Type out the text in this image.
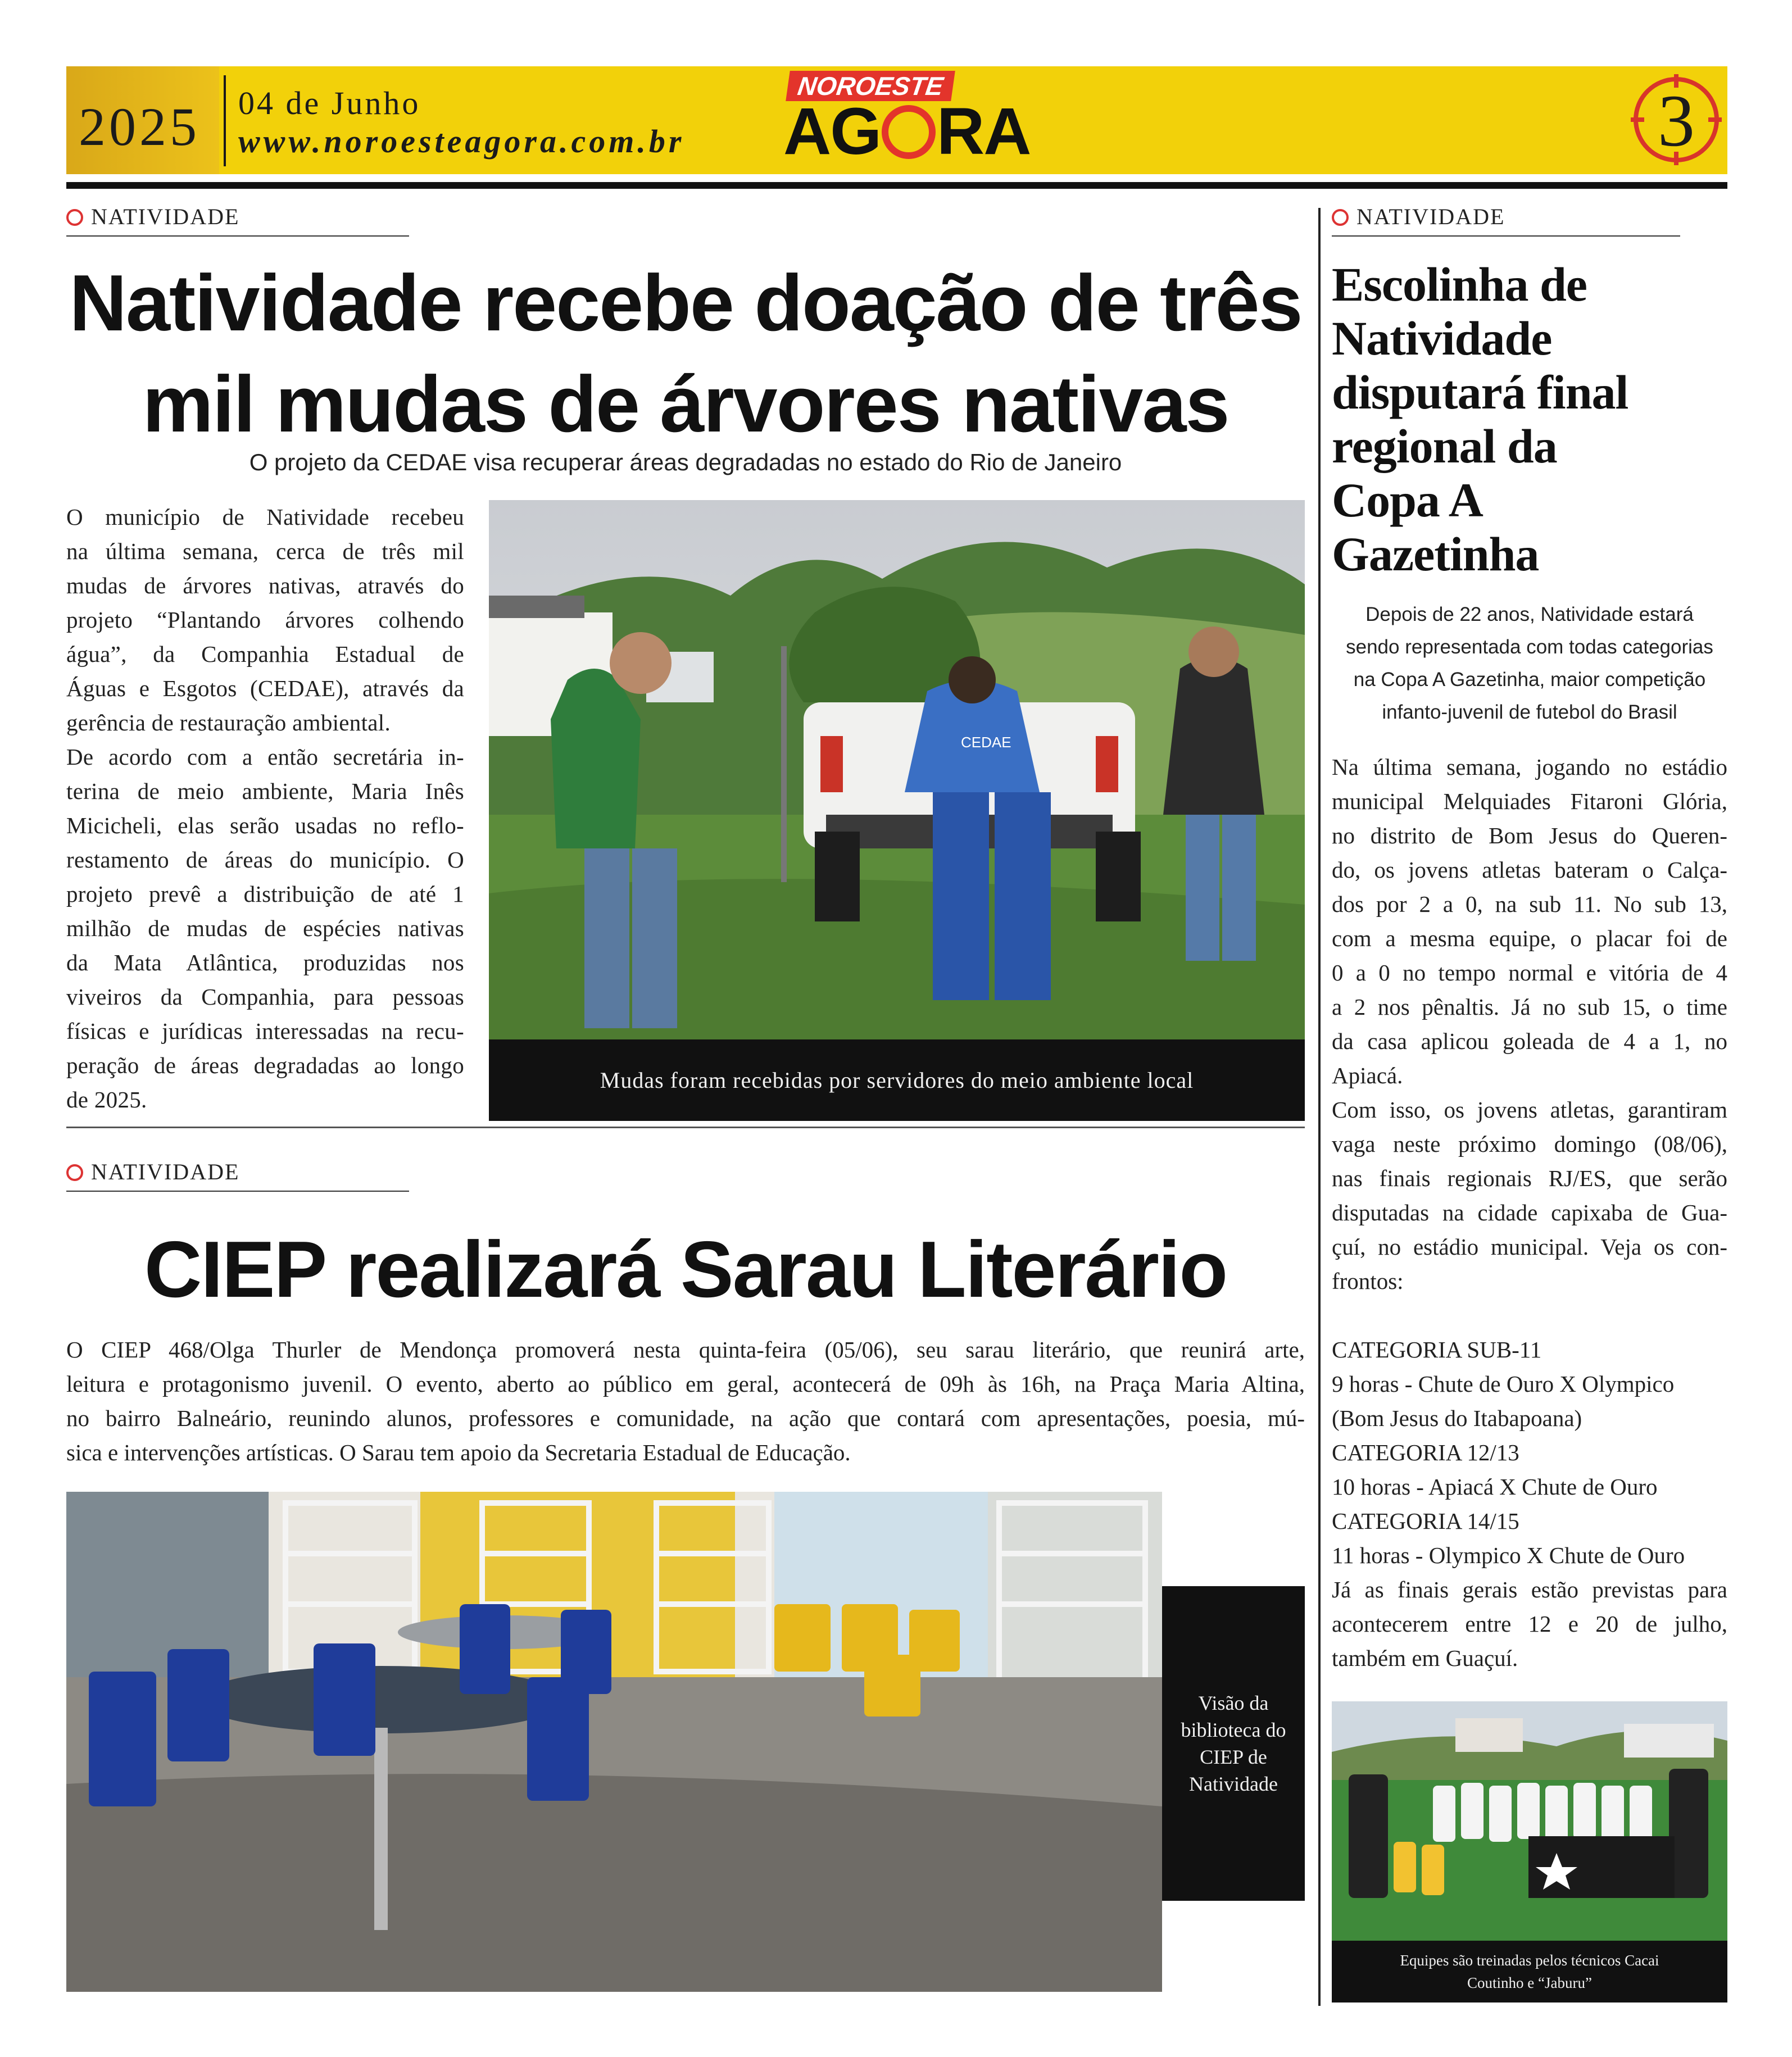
2025 04 de Junho
www.noroesteagora.com.br
NOROESTE
AG RA	3
NATIVIDADE
Natividade recebe doação de três
mil mudas de árvores nativas
O projeto da CEDAE visa recuperar áreas degradadas no estado do Rio de Janeiro
O município de Natividade recebeu
na última semana, cerca de três mil
mudas de árvores nativas, através do
projeto “Plantando árvores colhendo
água”, da Companhia Estadual de
Águas e Esgotos (CEDAE), através da
gerência de restauração ambiental.
De acordo com a então secretária in-
terina de meio ambiente, Maria Inês
Micicheli, elas serão usadas no reflo-
restamento de áreas do município. O
projeto prevê a distribuição de até 1
milhão de mudas de espécies nativas
da Mata Atlântica, produzidas nos
viveiros da Companhia, para pessoas
físicas e jurídicas interessadas na recu-
peração de áreas degradadas ao longo
de 2025.
CEDAE
Mudas foram recebidas por servidores do meio ambiente local
NATIVIDADE
CIEP realizará Sarau Literário
O CIEP 468/Olga Thurler de Mendonça promoverá nesta quinta-feira (05/06), seu sarau literário, que reunirá arte,
leitura e protagonismo juvenil. O evento, aberto ao público em geral, acontecerá de 09h às 16h, na Praça Maria Altina,
no bairro Balneário, reunindo alunos, professores e comunidade, na ação que contará com apresentações, poesia, mú-
sica e intervenções artísticas. O Sarau tem apoio da Secretaria Estadual de Educação.
Visão da
biblioteca do
CIEP de
Natividade
NATIVIDADE
Escolinha de
Natividade
disputará final
regional da
Copa A
Gazetinha
Depois de 22 anos, Natividade estará
sendo representada com todas categorias
na Copa A Gazetinha, maior competição
infanto-juvenil de futebol do Brasil
Na última semana, jogando no estádio
municipal Melquiades Fitaroni Glória,
no distrito de Bom Jesus do Queren-
do, os jovens atletas bateram o Calça-
dos por 2 a 0, na sub 11. No sub 13,
com a mesma equipe, o placar foi de
0 a 0 no tempo normal e vitória de 4
a 2 nos pênaltis. Já no sub 15, o time
da casa aplicou goleada de 4 a 1, no
Apiacá.
Com isso, os jovens atletas, garantiram
vaga neste próximo domingo (08/06),
nas finais regionais RJ/ES, que serão
disputadas na cidade capixaba de Gua-
çuí, no estádio municipal. Veja os con-
frontos:
CATEGORIA SUB-11
9 horas - Chute de Ouro X Olympico
(Bom Jesus do Itabapoana)
CATEGORIA 12/13
10 horas - Apiacá X Chute de Ouro
CATEGORIA 14/15
11 horas - Olympico X Chute de Ouro
Já as finais gerais estão previstas para
acontecerem entre 12 e 20 de julho,
também em Guaçuí.
Equipes são treinadas pelos técnicos Cacai
Coutinho e “Jaburu”
